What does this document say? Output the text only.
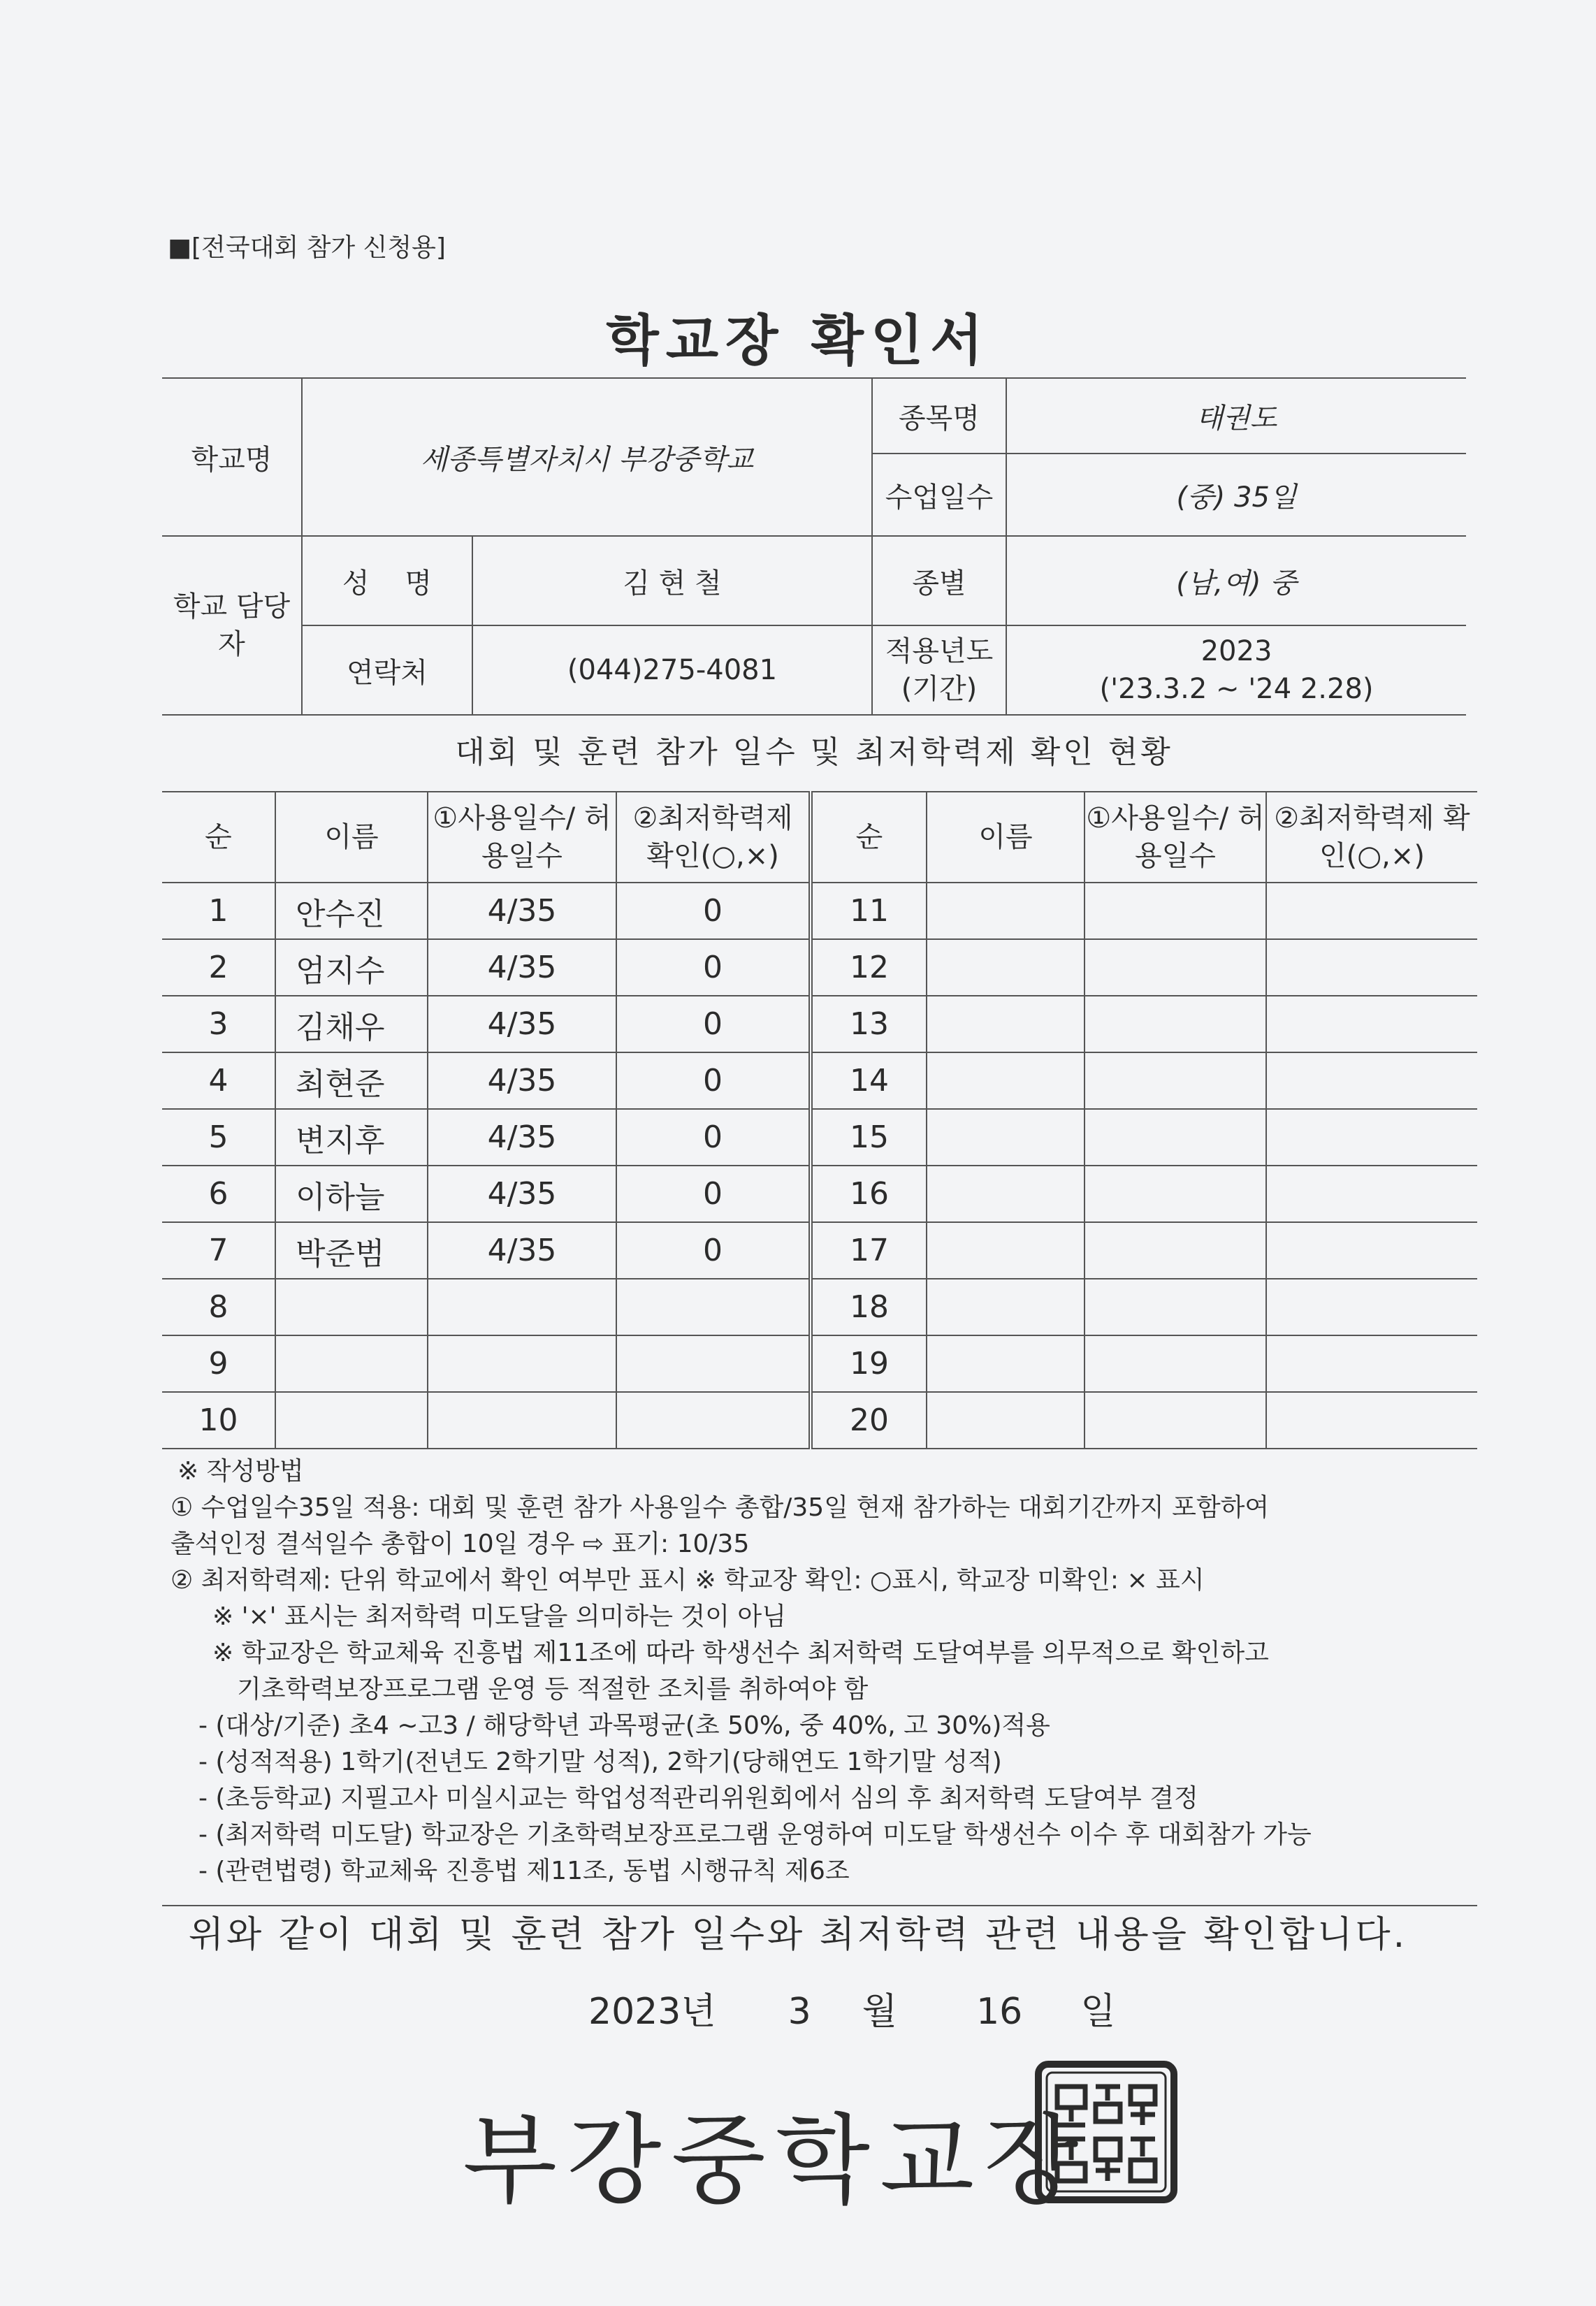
■[전국대회 참가 신청용]
학교장 확인서
학교명	세종특별자치시 부강중학교		종목명	태권도
			수업일수	(중) 35일
학교 담당자	성    명	김 현 철	종별	(남,여) 중
	연락처	(044)275-4081	적용년도 (기간)	2023
('23.3.2 ~ '24 2.28)
대회 및 훈련 참가 일수 및 최저학력제 확인 현황
순	이름	①사용일수/ 허용일수	②최저학력제 확인(○,×)	순	이름	①사용일수/ 허용일수	②최저학력제 확인(○,×)
1	안수진	4/35	0	11			
2	엄지수	4/35	0	12			
3	김채우	4/35	0	13			
4	최현준	4/35	0	14			
5	변지후	4/35	0	15			
6	이하늘	4/35	0	16			
7	박준범	4/35	0	17			
8				18			
9				19			
10				20			
※ 작성방법
① 수업일수35일 적용: 대회 및 훈련 참가 사용일수 총합/35일 현재 참가하는 대회기간까지 포함하여
출석인정 결석일수 총합이 10일 경우 ⇨ 표기: 10/35
② 최저학력제: 단위 학교에서 확인 여부만 표시 ※ 학교장 확인: ○표시, 학교장 미확인: × 표시
※ '×' 표시는 최저학력 미도달을 의미하는 것이 아님
※ 학교장은 학교체육 진흥법 제11조에 따라 학생선수 최저학력 도달여부를 의무적으로 확인하고
기초학력보장프로그램 운영 등 적절한 조치를 취하여야 함
- (대상/기준) 초4 ~고3 / 해당학년 과목평균(초 50%, 중 40%, 고 30%)적용
- (성적적용) 1학기(전년도 2학기말 성적), 2학기(당해연도 1학기말 성적)
- (초등학교) 지필고사 미실시교는 학업성적관리위원회에서 심의 후 최저학력 도달여부 결정
- (최저학력 미도달) 학교장은 기초학력보장프로그램 운영하여 미도달 학생선수 이수 후 대회참가 가능
- (관련법령) 학교체육 진흥법 제11조, 동법 시행규칙 제6조
위와 같이 대회 및 훈련 참가 일수와 최저학력 관련 내용을 확인합니다.
2023년 3 월 16 일
부강중학교장
